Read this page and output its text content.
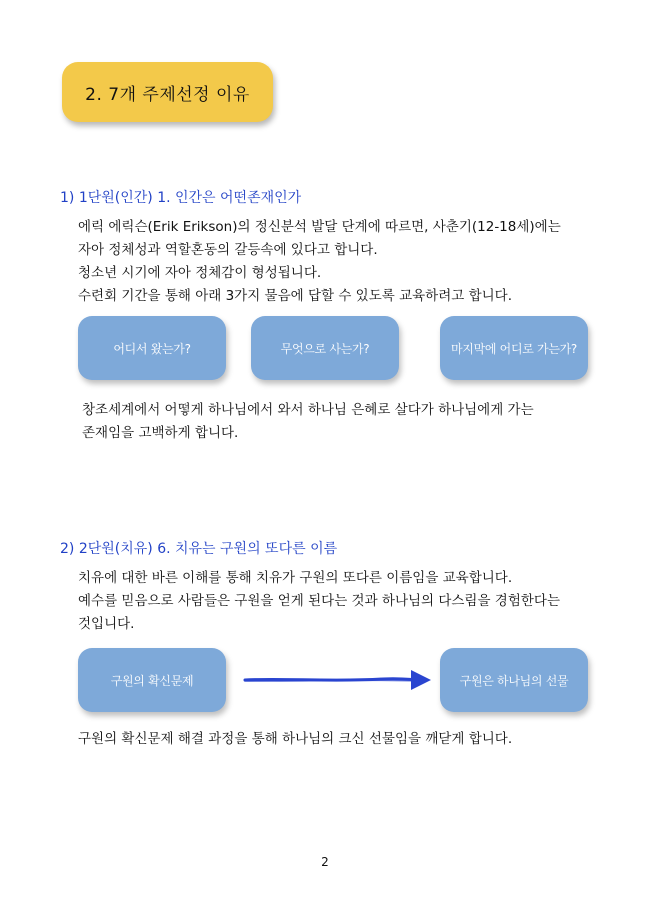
2. 7개 주제선정 이유
1) 1단원(인간) 1. 인간은 어떤존재인가
에릭 에릭슨(Erik Erikson)의 정신분석 발달 단계에 따르면, 사춘기(12-18세)에는
자아 정체성과 역할혼동의 갈등속에 있다고 합니다.
청소년 시기에 자아 정체감이 형성됩니다.
수련회 기간을 통해 아래 3가지 물음에 답할 수 있도록 교육하려고 합니다.
어디서 왔는가?	무엇으로 사는가?	마지막에 어디로 가는가?
창조세계에서 어떻게 하나님에서 와서 하나님 은혜로 살다가 하나님에게 가는
존재임을 고백하게 합니다.
2) 2단원(치유) 6. 치유는 구원의 또다른 이름
치유에 대한 바른 이해를 통해 치유가 구원의 또다른 이름임을 교육합니다.
예수를 믿음으로 사람들은 구원을 얻게 된다는 것과 하나님의 다스림을 경험한다는
것입니다.
구원의 확신문제	구원은 하나님의 선물
구원의 확신문제 해결 과정을 통해 하나님의 크신 선물임을 깨닫게 합니다.
2
